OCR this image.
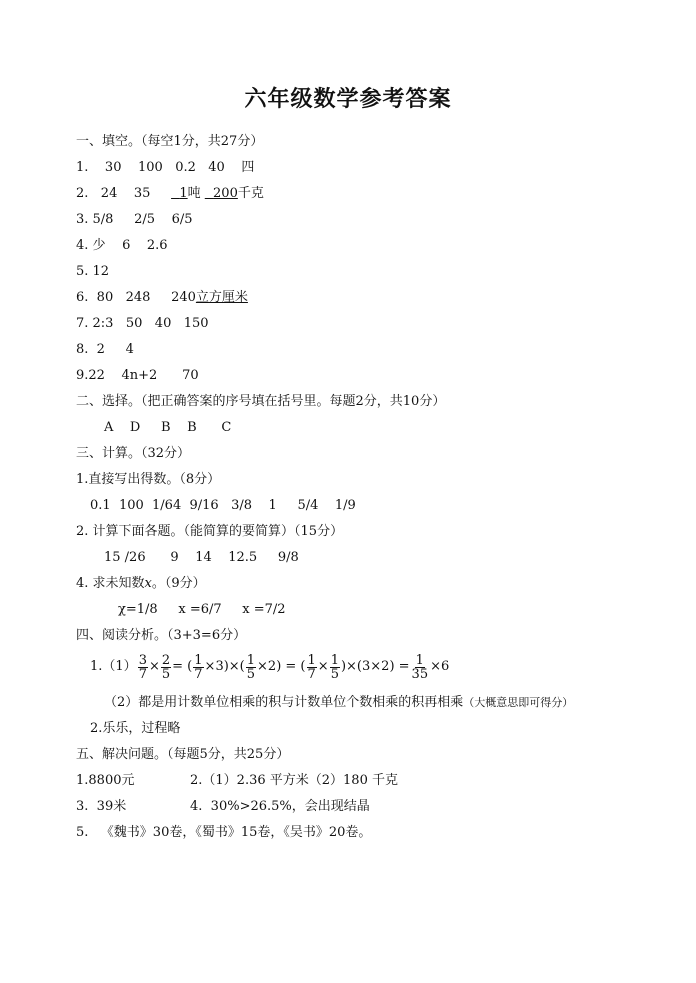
六年级数学参考答案
一、填空。（每空1分，共27分）
1.    30    100   0.2   40    四
2.   24    35       1吨   200千克
3. 5/8     2/5    6/5
4. 少    6    2.6
5. 12
6.  80   248     240立方厘米
7. 2:3   50   40   150
8.  2     4
9.22    4n+2      70
二、选择。（把正确答案的序号填在括号里。每题2分，共10分）
A    D     B    B      C
三、计算。（32分）
1.直接写出得数。（8分）
0.1  100  1/64  9/16   3/8    1     5/4    1/9
2. 计算下面各题。（能简算的要简算）（15分）
15 /26      9    14    12.5     9/8
4. 求未知数x。（9分）
χ=1/8     x =6/7     x =7/2
四、阅读分析。（3+3=6分）
$1.(1) \frac{3}{7} \times \frac{2}{5}$ = ( $\frac{1}{7} \times 3)\times( \frac{1}{5} \times 2)$ = ( $\frac{1}{7} \times \frac{1}{5} )\times(3\times 2) = \frac{1}{35} \times 6$
（2）都是用计数单位相乘的积与计数单位个数相乘的积再相乘（大概意思即可得分）
2.乐乐，过程略
五、解决问题。（每题5分，共25分）
1.8800元	2.（1）2.36 平方米（2）180 千克
3.  39米	4.  30%>26.5%，会出现结晶
5.   《魏书》30卷，《蜀书》15卷，《吴书》20卷。
